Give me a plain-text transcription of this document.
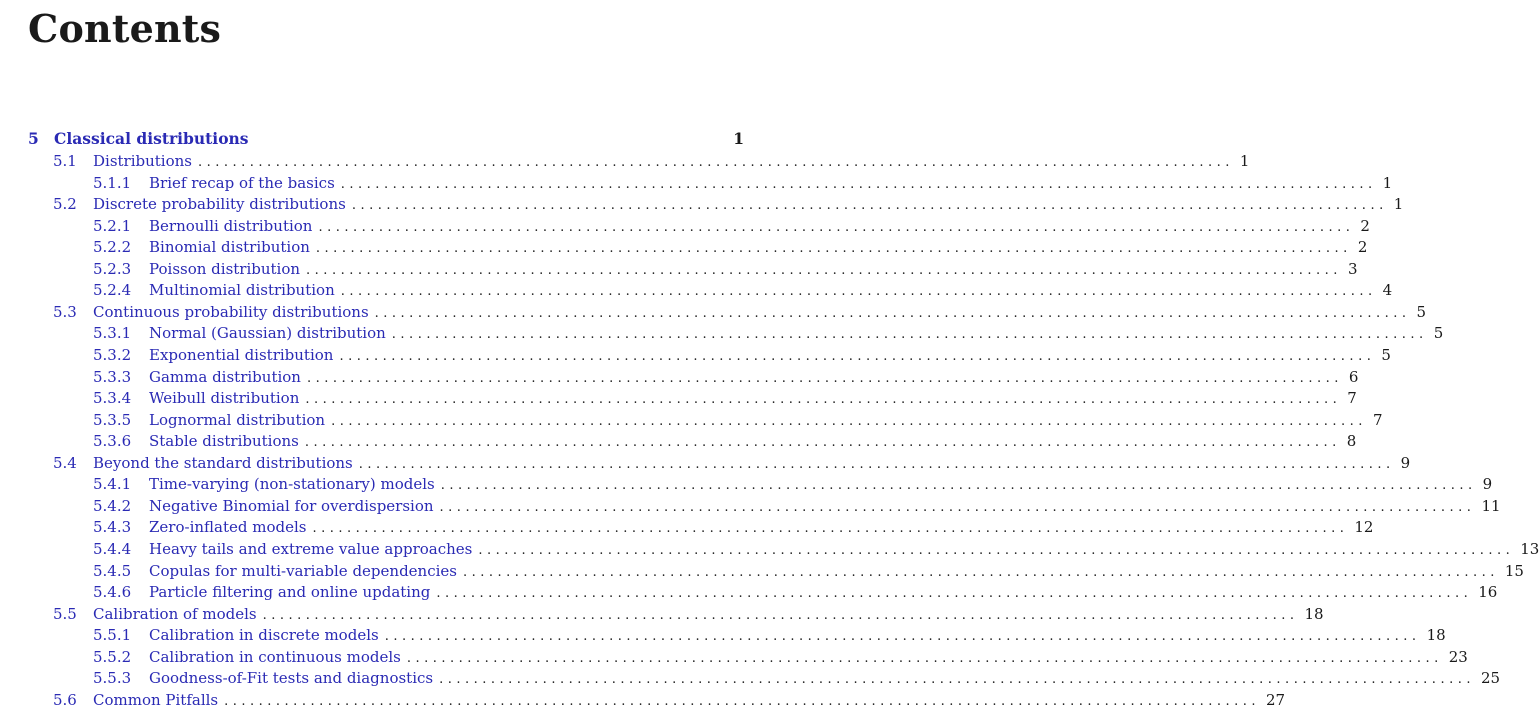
Contents
5 Classical distributions	1
5.1	Distributions ........................................................................................................................ 1
5.1.1	Brief recap of the basics ........................................................................................................................ 1
5.2	Discrete probability distributions ........................................................................................................................ 1
5.2.1	Bernoulli distribution ........................................................................................................................ 2
5.2.2	Binomial distribution ........................................................................................................................ 2
5.2.3	Poisson distribution ........................................................................................................................ 3
5.2.4	Multinomial distribution ........................................................................................................................ 4
5.3	Continuous probability distributions ........................................................................................................................ 5
5.3.1	Normal (Gaussian) distribution ........................................................................................................................ 5
5.3.2	Exponential distribution ........................................................................................................................ 5
5.3.3	Gamma distribution ........................................................................................................................ 6
5.3.4	Weibull distribution ........................................................................................................................ 7
5.3.5	Lognormal distribution ........................................................................................................................ 7
5.3.6	Stable distributions ........................................................................................................................ 8
5.4	Beyond the standard distributions ........................................................................................................................ 9
5.4.1	Time-varying (non-stationary) models ........................................................................................................................ 9
5.4.2	Negative Binomial for overdispersion ........................................................................................................................ 11
5.4.3	Zero-inflated models ........................................................................................................................ 12
5.4.4	Heavy tails and extreme value approaches ........................................................................................................................ 13
5.4.5	Copulas for multi-variable dependencies ........................................................................................................................ 15
5.4.6	Particle filtering and online updating ........................................................................................................................ 16
5.5	Calibration of models ........................................................................................................................ 18
5.5.1	Calibration in discrete models ........................................................................................................................ 18
5.5.2	Calibration in continuous models ........................................................................................................................ 23
5.5.3	Goodness-of-Fit tests and diagnostics ........................................................................................................................ 25
5.6	Common Pitfalls ........................................................................................................................ 27
